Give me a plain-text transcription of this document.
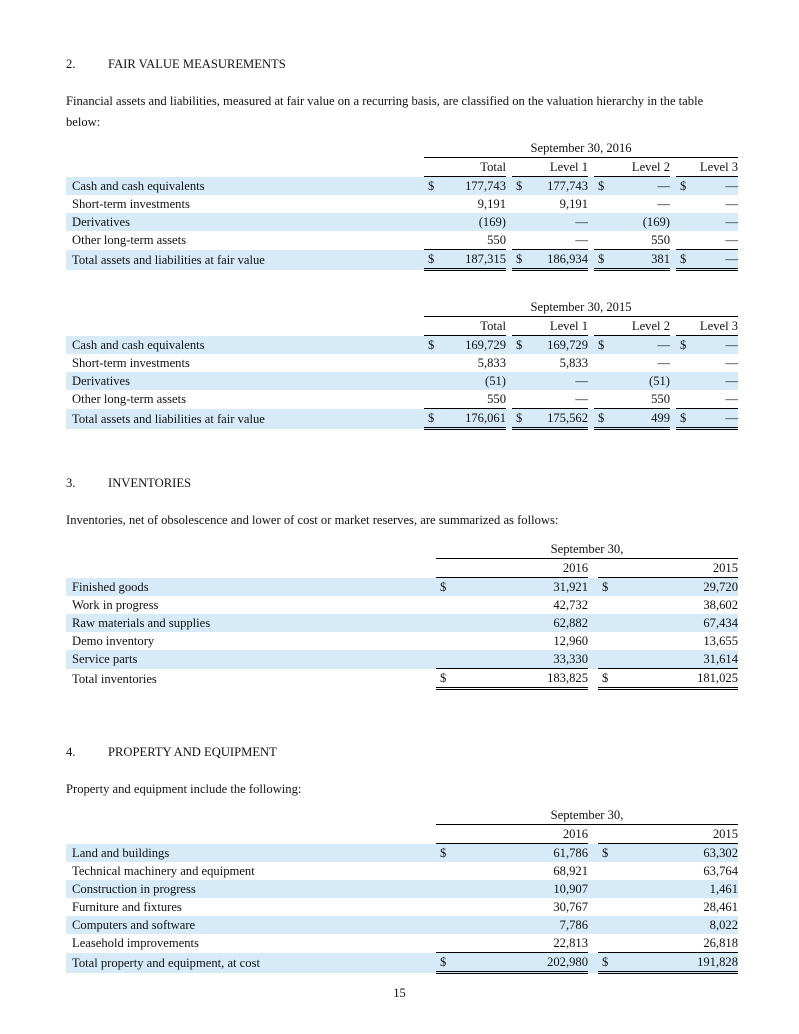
2.	FAIR VALUE MEASUREMENTS
Financial assets and liabilities, measured at fair value on a recurring basis, are classified on the valuation hierarchy in the table below:
	September 30, 2016										
	Total			Level 1			Level 2			Level 3	
Cash and cash equivalents	$	177,743		$	177,743		$	—		$	—
Short-term investments		9,191			9,191			—			—
Derivatives		(169)			—			(169)			—
Other long-term assets		550			—			550			—
Total assets and liabilities at fair value	$	187,315		$	186,934		$	381		$	—
	September 30, 2015										
	Total			Level 1			Level 2			Level 3	
Cash and cash equivalents	$	169,729		$	169,729		$	—		$	—
Short-term investments		5,833			5,833			—			—
Derivatives		(51)			—			(51)			—
Other long-term assets		550			—			550			—
Total assets and liabilities at fair value	$	176,061		$	175,562		$	499		$	—
3.	INVENTORIES
Inventories, net of obsolescence and lower of cost or market reserves, are summarized as follows:
	September 30,				
	2016			2015	
Finished goods	$	31,921		$	29,720
Work in progress		42,732			38,602
Raw materials and supplies		62,882			67,434
Demo inventory		12,960			13,655
Service parts		33,330			31,614
Total inventories	$	183,825		$	181,025
4.	PROPERTY AND EQUIPMENT
Property and equipment include the following:
	September 30,				
	2016			2015	
Land and buildings	$	61,786		$	63,302
Technical machinery and equipment		68,921			63,764
Construction in progress		10,907			1,461
Furniture and fixtures		30,767			28,461
Computers and software		7,786			8,022
Leasehold improvements		22,813			26,818
Total property and equipment, at cost	$	202,980		$	191,828
15
